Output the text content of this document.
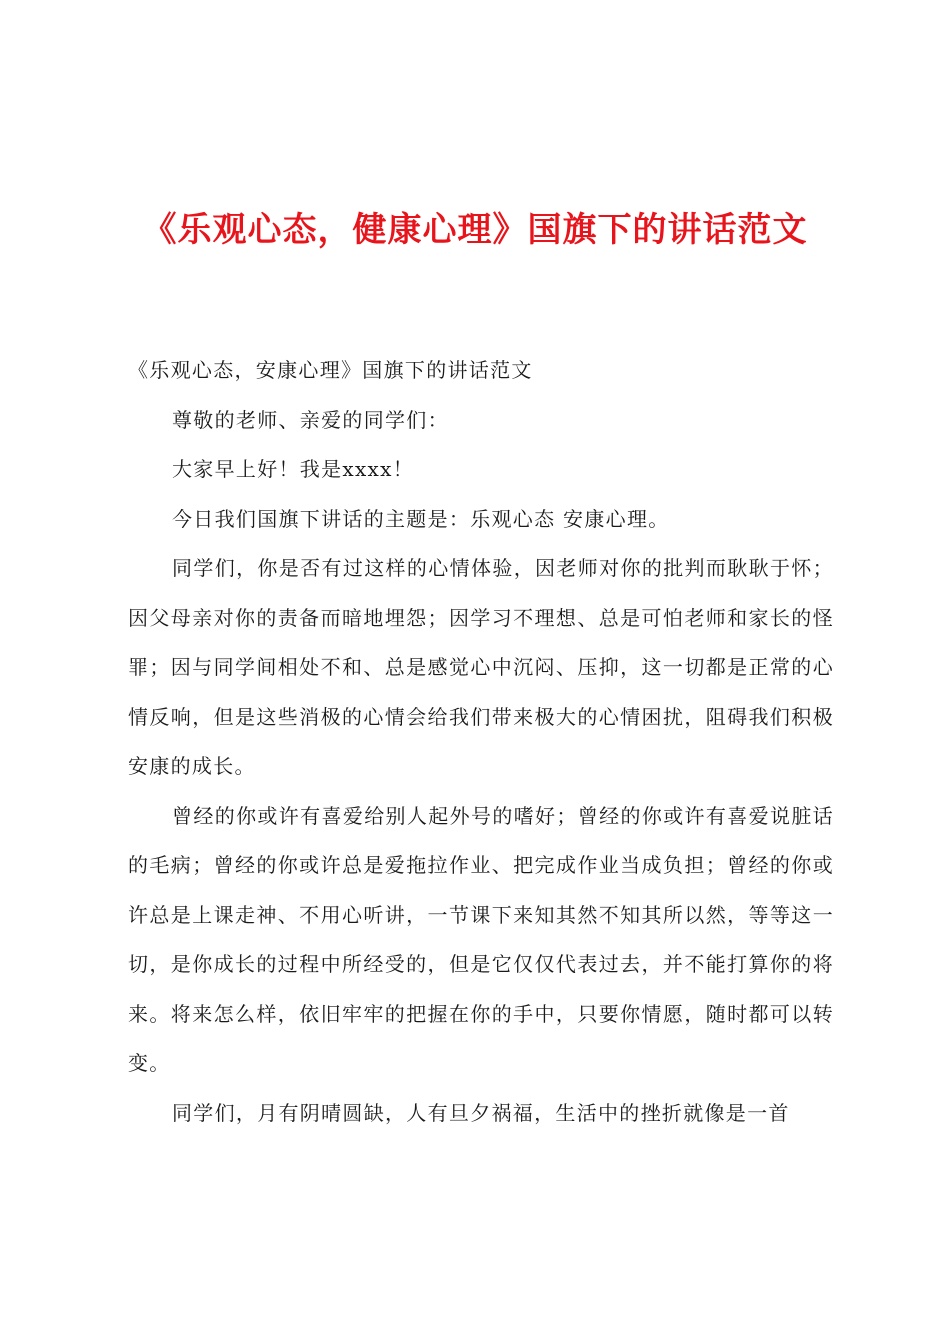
《乐观心态，健康心理》国旗下的讲话范文

《乐观心态，安康心理》国旗下的讲话范文

尊敬的老师、亲爱的同学们：

大家早上好！我是xxxx！

今日我们国旗下讲话的主题是：乐观心态 安康心理。

同学们，你是否有过这样的心情体验，因老师对你的批判而耿耿于怀；因父母亲对你的责备而暗地埋怨；因学习不理想、总是可怕老师和家长的怪罪；因与同学间相处不和、总是感觉心中沉闷、压抑，这一切都是正常的心情反响，但是这些消极的心情会给我们带来极大的心情困扰，阻碍我们积极安康的成长。

曾经的你或许有喜爱给别人起外号的嗜好；曾经的你或许有喜爱说脏话的毛病；曾经的你或许总是爱拖拉作业、把完成作业当成负担；曾经的你或许总是上课走神、不用心听讲，一节课下来知其然不知其所以然，等等这一切，是你成长的过程中所经受的，但是它仅仅代表过去，并不能打算你的将来。将来怎么样，依旧牢牢的把握在你的手中，只要你情愿，随时都可以转变。

同学们，月有阴晴圆缺，人有旦夕祸福，生活中的挫折就像是一首
